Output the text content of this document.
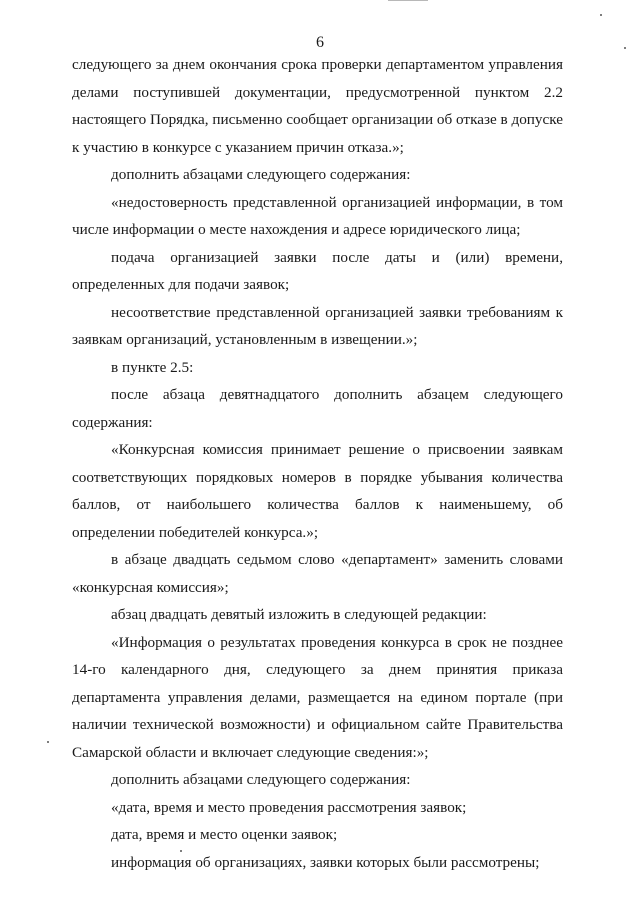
6

следующего за днем окончания срока проверки департаментом управления делами поступившей документации, предусмотренной пунктом 2.2 настоящего Порядка, письменно сообщает организации об отказе в допуске к участию в конкурсе с указанием причин отказа.»;

дополнить абзацами следующего содержания:

«недостоверность представленной организацией информации, в том числе информации о месте нахождения и адресе юридического лица;

подача организацией заявки после даты и (или) времени, определенных для подачи заявок;

несоответствие представленной организацией заявки требованиям к заявкам организаций, установленным в извещении.»;

в пункте 2.5:

после абзаца девятнадцатого дополнить абзацем следующего содержания:

«Конкурсная комиссия принимает решение о присвоении заявкам соответствующих порядковых номеров в порядке убывания количества баллов, от наибольшего количества баллов к наименьшему, об определении победителей конкурса.»;

в абзаце двадцать седьмом слово «департамент» заменить словами «конкурсная комиссия»;

абзац двадцать девятый изложить в следующей редакции:

«Информация о результатах проведения конкурса в срок не позднее 14-го календарного дня, следующего за днем принятия приказа департамента управления делами, размещается на едином портале (при наличии технической возможности) и официальном сайте Правительства Самарской области и включает следующие сведения:»;

дополнить абзацами следующего содержания:

«дата, время и место проведения рассмотрения заявок;

дата, время и место оценки заявок;

информация об организациях, заявки которых были рассмотрены;
